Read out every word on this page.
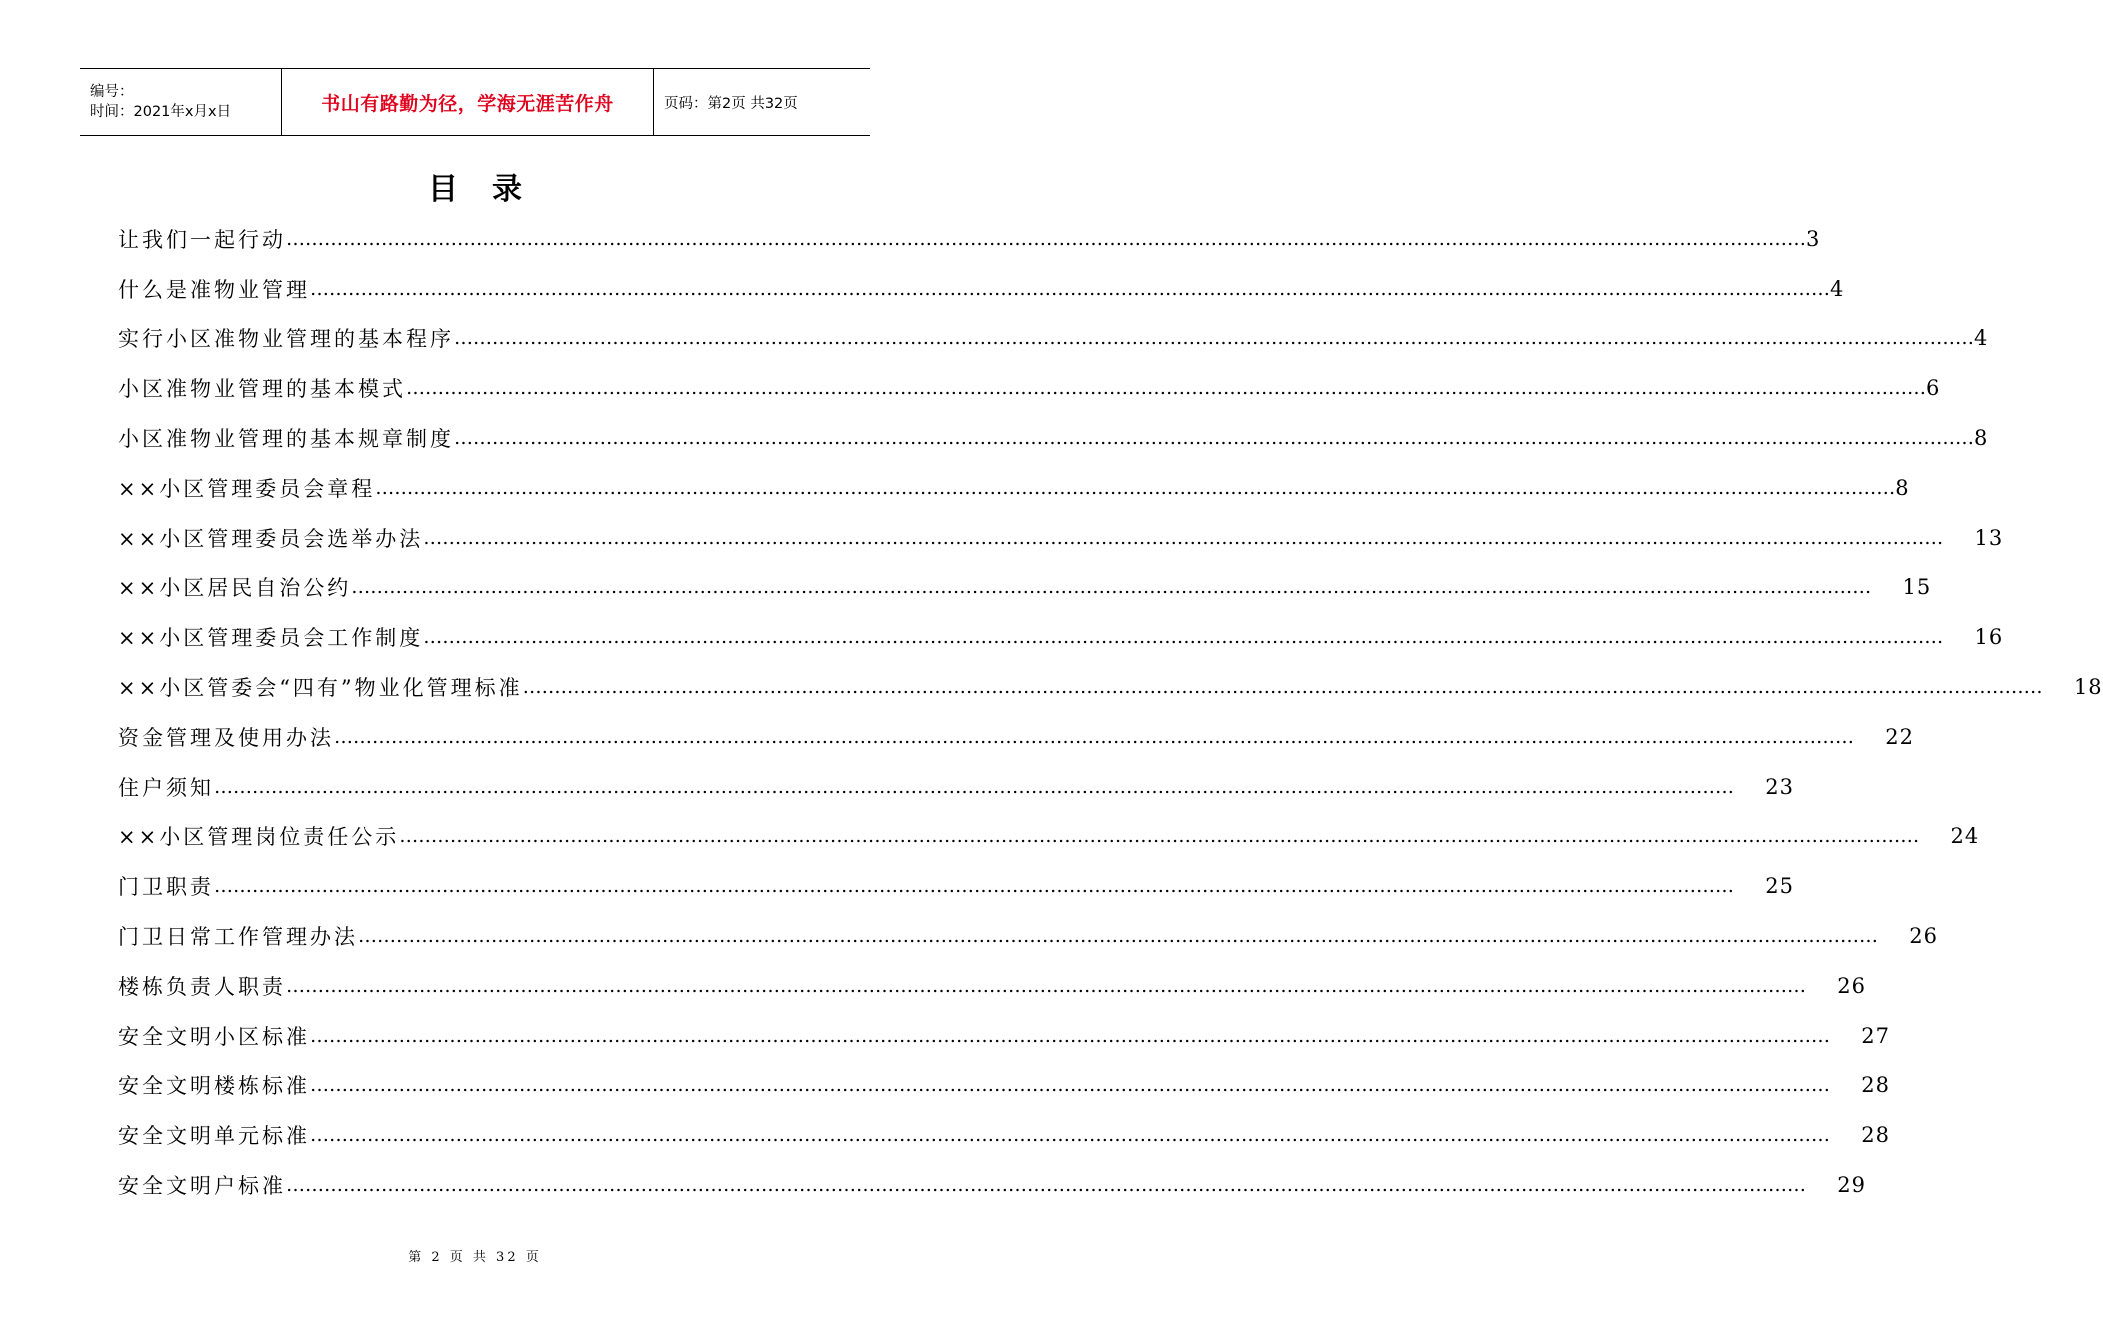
编号：
时间：2021年x月x日	书山有路勤为径，学海无涯苦作舟	页码：第2页 共32页
目录
让我们一起行动 …………………………………………………………………………………………………………………………………………………………………………………………………………………… 3
什么是准物业管理 …………………………………………………………………………………………………………………………………………………………………………………………………………………… 4
实行小区准物业管理的基本程序 …………………………………………………………………………………………………………………………………………………………………………………………………………………… 4
小区准物业管理的基本模式 …………………………………………………………………………………………………………………………………………………………………………………………………………………… 6
小区准物业管理的基本规章制度 …………………………………………………………………………………………………………………………………………………………………………………………………………………… 8
××小区管理委员会章程 …………………………………………………………………………………………………………………………………………………………………………………………………………………… 8
××小区管理委员会选举办法 ……………………………………………………………………………………………………………………………………………………………………………………………………………………	13
××小区居民自治公约 ……………………………………………………………………………………………………………………………………………………………………………………………………………………	15
××小区管理委员会工作制度 ……………………………………………………………………………………………………………………………………………………………………………………………………………………	16
××小区管委会“四有”物业化管理标准 ……………………………………………………………………………………………………………………………………………………………………………………………………………………	18
资金管理及使用办法 ……………………………………………………………………………………………………………………………………………………………………………………………………………………	22
住户须知 ……………………………………………………………………………………………………………………………………………………………………………………………………………………	23
××小区管理岗位责任公示 ……………………………………………………………………………………………………………………………………………………………………………………………………………………	24
门卫职责 ……………………………………………………………………………………………………………………………………………………………………………………………………………………	25
门卫日常工作管理办法 ……………………………………………………………………………………………………………………………………………………………………………………………………………………	26
楼栋负责人职责 ……………………………………………………………………………………………………………………………………………………………………………………………………………………	26
安全文明小区标准 ……………………………………………………………………………………………………………………………………………………………………………………………………………………	27
安全文明楼栋标准 ……………………………………………………………………………………………………………………………………………………………………………………………………………………	28
安全文明单元标准 ……………………………………………………………………………………………………………………………………………………………………………………………………………………	28
安全文明户标准 ……………………………………………………………………………………………………………………………………………………………………………………………………………………	29
第 2 页 共 32 页
